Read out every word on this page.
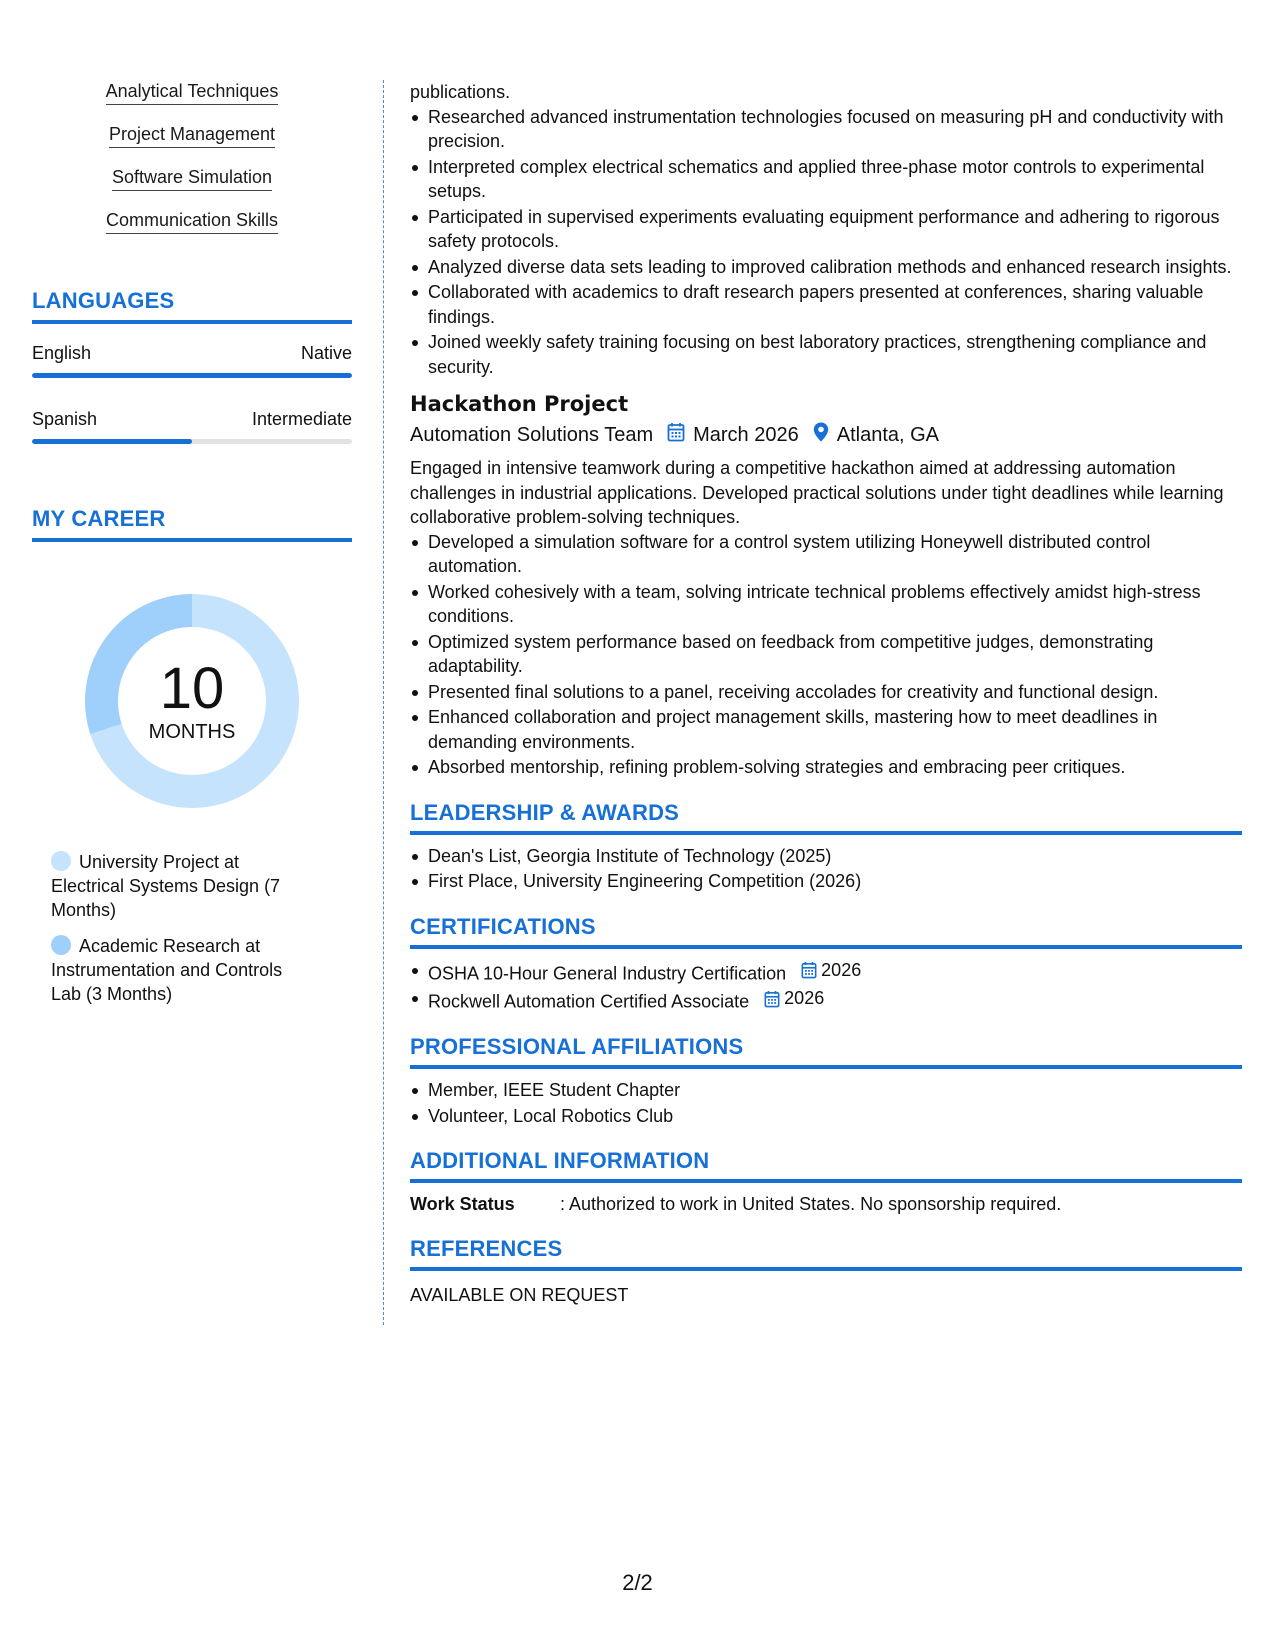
Analytical Techniques
Project Management
Software Simulation
Communication Skills
LANGUAGES
English	Native
Spanish	Intermediate
MY CAREER
10
MONTHS
University Project at Electrical Systems Design (7 Months)
Academic Research at Instrumentation and Controls Lab (3 Months)

publications.

Researched advanced instrumentation technologies focused on measuring pH and conductivity with precision.
Interpreted complex electrical schematics and applied three-phase motor controls to experimental setups.
Participated in supervised experiments evaluating equipment performance and adhering to rigorous safety protocols.
Analyzed diverse data sets leading to improved calibration methods and enhanced research insights.
Collaborated with academics to draft research papers presented at conferences, sharing valuable findings.
Joined weekly safety training focusing on best laboratory practices, strengthening compliance and security.
Hackathon Project
Automation Solutions Team March 2026 Atlanta, GA

Engaged in intensive teamwork during a competitive hackathon aimed at addressing automation challenges in industrial applications. Developed practical solutions under tight deadlines while learning collaborative problem-solving techniques.

Developed a simulation software for a control system utilizing Honeywell distributed control automation.
Worked cohesively with a team, solving intricate technical problems effectively amidst high-stress conditions.
Optimized system performance based on feedback from competitive judges, demonstrating adaptability.
Presented final solutions to a panel, receiving accolades for creativity and functional design.
Enhanced collaboration and project management skills, mastering how to meet deadlines in demanding environments.
Absorbed mentorship, refining problem-solving strategies and embracing peer critiques.
LEADERSHIP & AWARDS
Dean's List, Georgia Institute of Technology (2025)
First Place, University Engineering Competition (2026)
CERTIFICATIONS
OSHA 10-Hour General Industry Certification 2026
Rockwell Automation Certified Associate 2026
PROFESSIONAL AFFILIATIONS
Member, IEEE Student Chapter
Volunteer, Local Robotics Club
ADDITIONAL INFORMATION
Work Status	: Authorized to work in United States. No sponsorship required.
REFERENCES

AVAILABLE ON REQUEST

2/2
